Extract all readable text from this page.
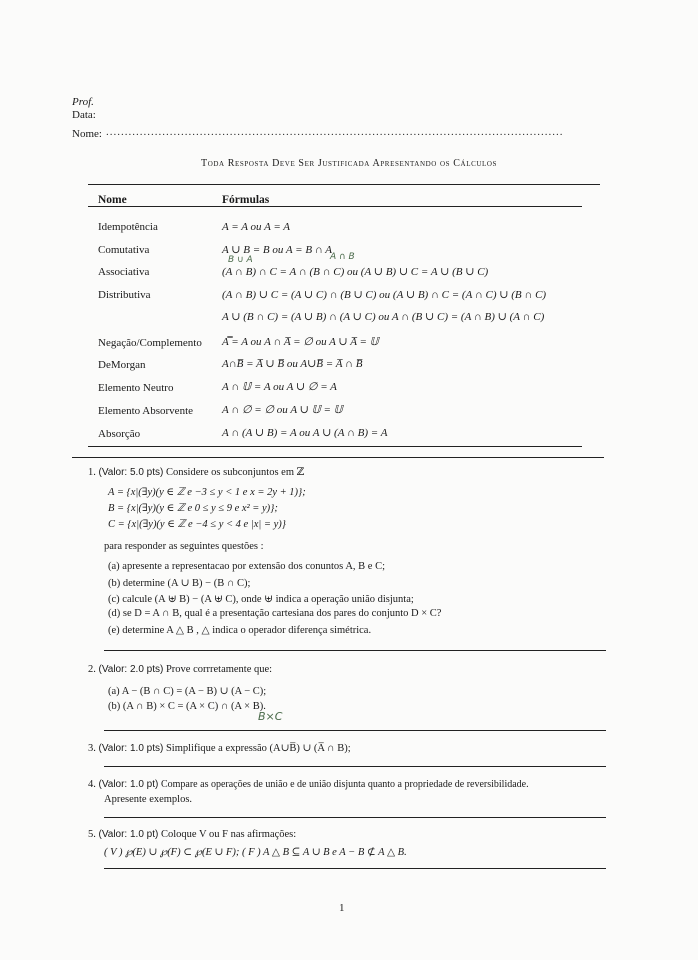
Prof.
Data:
Nome: ..........................................................................................................................
Toda Resposta Deve Ser Justificada Apresentando os Cálculos
Nome	Fórmulas
Idempotência	A = A ou A = A
Comutativa	A ∪ B = B ou A = B ∩ A
B ∪ A	A ∩ B
Associativa	(A ∩ B) ∩ C = A ∩ (B ∩ C) ou (A ∪ B) ∪ C = A ∪ (B ∪ C)
Distributiva	(A ∩ B) ∪ C = (A ∪ C) ∩ (B ∪ C) ou (A ∪ B) ∩ C = (A ∩ C) ∪ (B ∩ C)
A ∪ (B ∩ C) = (A ∪ B) ∩ (A ∪ C) ou A ∩ (B ∪ C) = (A ∩ B) ∪ (A ∩ C)
Negação/Complemento A̿ = A ou A ∩ A̅ = ∅ ou A ∪ A̅ = 𝕌
DeMorgan	A∩B̅ = A̅ ∪ B̅ ou A∪B̅ = A̅ ∩ B̅
Elemento Neutro	A ∩ 𝕌 = A ou A ∪ ∅ = A
Elemento Absorvente	A ∩ ∅ = ∅ ou A ∪ 𝕌 = 𝕌
Absorção	A ∩ (A ∪ B) = A ou A ∪ (A ∩ B) = A
1. (Valor: 5.0 pts) Considere os subconjuntos em ℤ
A = {x|(∃y)(y ∈ ℤ e −3 ≤ y < 1 e x = 2y + 1)};
B = {x|(∃y)(y ∈ ℤ e 0 ≤ y ≤ 9 e x² = y)};
C = {x|(∃y)(y ∈ ℤ e −4 ≤ y < 4 e |x| = y)}
para responder as seguintes questões :
(a) apresente a representacao por extensão dos conuntos A, B e C;
(b) determine (A ∪ B) − (B ∩ C);
(c) calcule (A ⊎ B) − (A ⊎ C), onde ⊎ indica a operação união disjunta;
(d) se D = A ∩ B, qual é a presentação cartesiana dos pares do conjunto D × C?
(e) determine A △ B , △ indica o operador diferença simétrica.
2. (Valor: 2.0 pts) Prove corrretamente que:
(a) A − (B ∩ C) = (A − B) ∪ (A − C);
(b) (A ∩ B) × C = (A × C) ∩ (A × B).
B×C
3. (Valor: 1.0 pts) Simplifique a expressão (A∪B̅) ∪ (A̅ ∩ B);
4. (Valor: 1.0 pt) Compare as operações de união e de união disjunta quanto a propriedade de reversibilidade.
Apresente exemplos.
5. (Valor: 1.0 pt) Coloque V ou F nas afirmações:
( V ) ℘(E) ∪ ℘(F) ⊂ ℘(E ∪ F); ( F ) A △ B ⊆ A ∪ B e A − B ⊄ A △ B.
1
